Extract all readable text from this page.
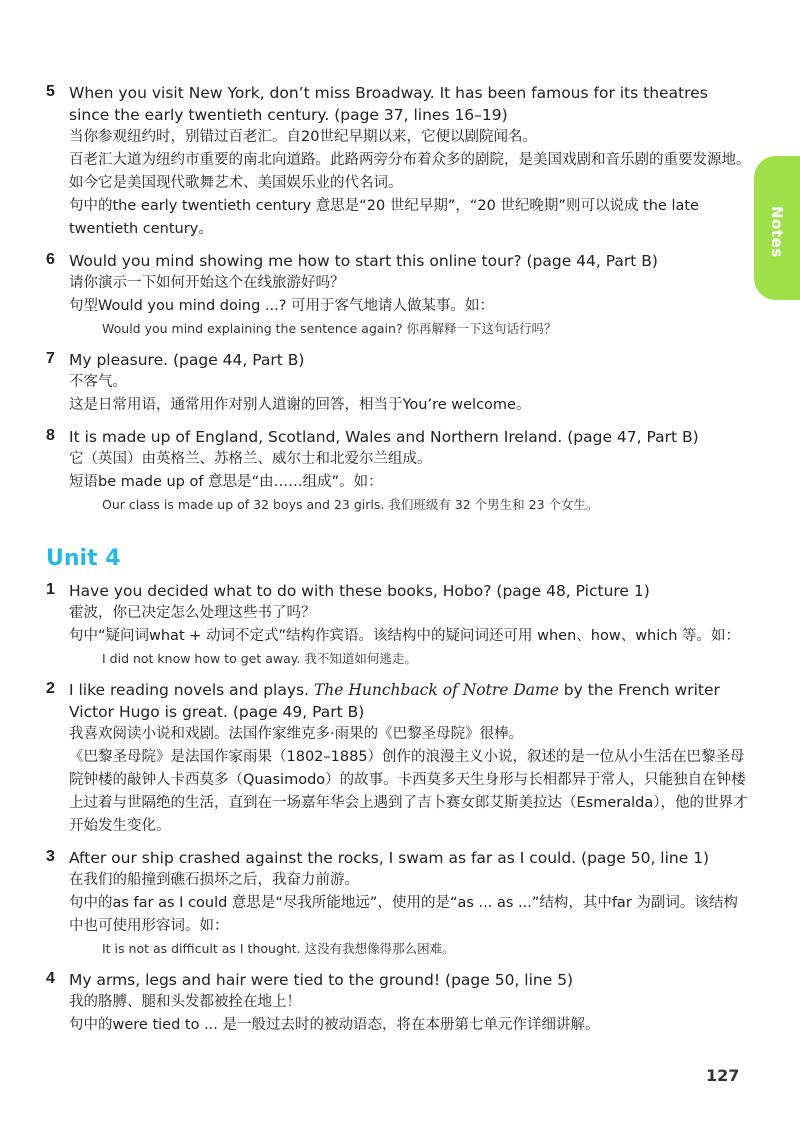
Notes
5 When you visit New York, don’t miss Broadway. It has been famous for its theatres since the early twentieth century. (page 37, lines 16–19)
当你参观纽约时，别错过百老汇。自20世纪早期以来，它便以剧院闻名。
百老汇大道为纽约市重要的南北向道路。此路两旁分布着众多的剧院，是美国戏剧和音乐剧的重要发源地。如今它是美国现代歌舞艺术、美国娱乐业的代名词。
句中的the early twentieth century 意思是“20 世纪早期”，“20 世纪晚期”则可以说成 the late twentieth century。
6 Would you mind showing me how to start this online tour? (page 44, Part B)
请你演示一下如何开始这个在线旅游好吗？
句型Would you mind doing ...? 可用于客气地请人做某事。如：
Would you mind explaining the sentence again? 你再解释一下这句话行吗？
7 My pleasure. (page 44, Part B)
不客气。
这是日常用语，通常用作对别人道谢的回答，相当于You’re welcome。
8 It is made up of England, Scotland, Wales and Northern Ireland. (page 47, Part B)
它（英国）由英格兰、苏格兰、威尔士和北爱尔兰组成。
短语be made up of 意思是“由……组成”。如：
Our class is made up of 32 boys and 23 girls. 我们班级有 32 个男生和 23 个女生。
Unit 4
1 Have you decided what to do with these books, Hobo? (page 48, Picture 1)
霍波，你已决定怎么处理这些书了吗？
句中“疑问词what + 动词不定式”结构作宾语。该结构中的疑问词还可用 when、how、which 等。如：
I did not know how to get away. 我不知道如何逃走。
2 I like reading novels and plays. The Hunchback of Notre Dame by the French writer Victor Hugo is great. (page 49, Part B)
我喜欢阅读小说和戏剧。法国作家维克多·雨果的《巴黎圣母院》很棒。
《巴黎圣母院》是法国作家雨果（1802–1885）创作的浪漫主义小说，叙述的是一位从小生活在巴黎圣母院钟楼的敲钟人卡西莫多（Quasimodo）的故事。卡西莫多天生身形与长相都异于常人，只能独自在钟楼上过着与世隔绝的生活，直到在一场嘉年华会上遇到了吉卜赛女郎艾斯美拉达（Esmeralda），他的世界才开始发生变化。
3 After our ship crashed against the rocks, I swam as far as I could. (page 50, line 1)
在我们的船撞到礁石损坏之后，我奋力前游。
句中的as far as I could 意思是“尽我所能地远”，使用的是“as ... as ...”结构，其中far 为副词。该结构中也可使用形容词。如：
It is not as difficult as I thought. 这没有我想像得那么困难。
4 My arms, legs and hair were tied to the ground! (page 50, line 5)
我的胳膊、腿和头发都被拴在地上！
句中的were tied to ... 是一般过去时的被动语态，将在本册第七单元作详细讲解。
127
